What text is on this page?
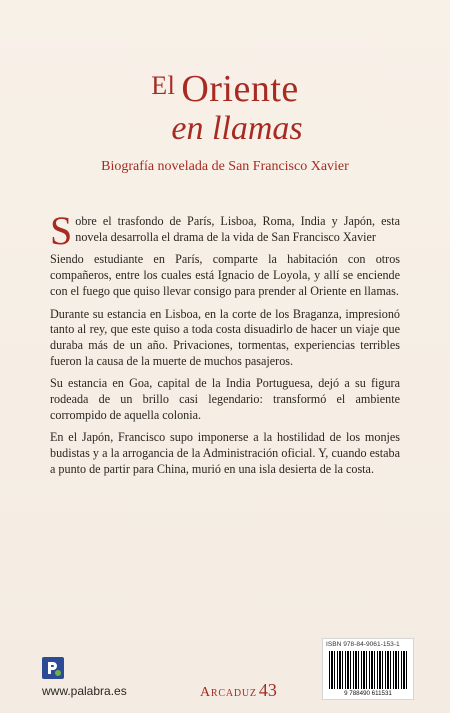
El Oriente
en llamas
Biografía novelada de San Francisco Xavier

Sobre el trasfondo de París, Lisboa, Roma, India y Japón, esta novela desarrolla el drama de la vida de San Francisco Xavier

Siendo estudiante en París, comparte la habitación con otros compañeros, entre los cuales está Ignacio de Loyola, y allí se enciende con el fuego que quiso llevar consigo para prender al Oriente en llamas.

Durante su estancia en Lisboa, en la corte de los Braganza, impresionó tanto al rey, que este quiso a toda costa disuadirlo de hacer un viaje que duraba más de un año. Privaciones, tormentas, experiencias terribles fueron la causa de la muerte de muchos pasajeros.

Su estancia en Goa, capital de la India Portuguesa, dejó a su figura rodeada de un brillo casi legendario: transformó el ambiente corrompido de aquella colonia.

En el Japón, Francisco supo imponerse a la hostilidad de los monjes budistas y a la arrogancia de la Administración oficial. Y, cuando estaba a punto de partir para China, murió en una isla desierta de la costa.

www.palabra.es	Arcaduz 43
ISBN 978-84-9061-153-1
9 788490 611531
